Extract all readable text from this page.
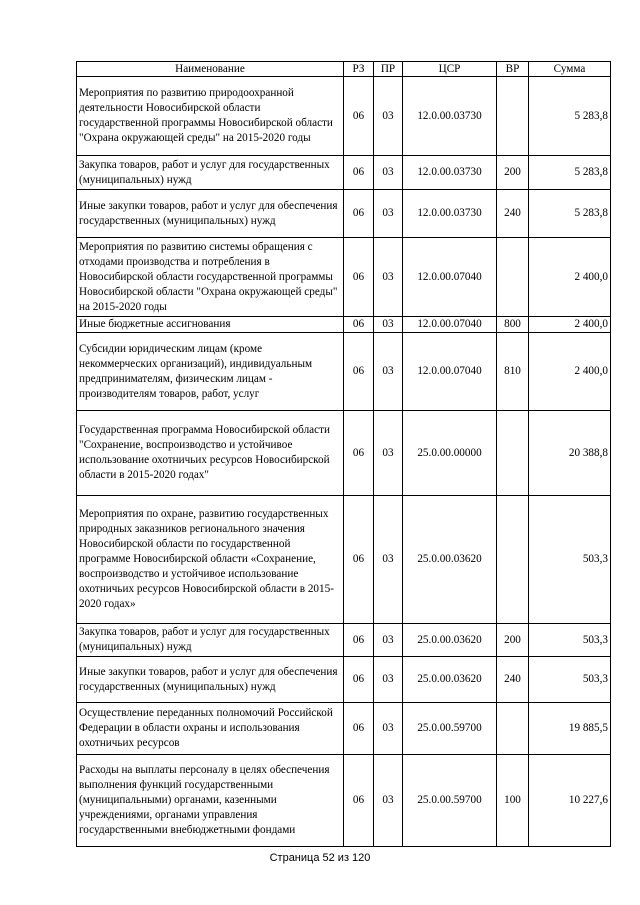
Наименование	РЗ	ПР	ЦСР	ВР	Сумма
Мероприятия по развитию природоохранной деятельности Новосибирской области государственной программы Новосибирской области "Охрана окружающей среды" на 2015-2020 годы	06	03	12.0.00.03730		5 283,8
Закупка товаров, работ и услуг для государственных (муниципальных) нужд	06	03	12.0.00.03730	200	5 283,8
Иные закупки товаров, работ и услуг для обеспечения государственных (муниципальных) нужд	06	03	12.0.00.03730	240	5 283,8
Мероприятия по развитию системы обращения с отходами производства и потребления в Новосибирской области государственной программы Новосибирской области "Охрана окружающей среды" на 2015-2020 годы	06	03	12.0.00.07040		2 400,0
Иные бюджетные ассигнования	06	03	12.0.00.07040	800	2 400,0
Субсидии юридическим лицам (кроме некоммерческих организаций), индивидуальным предпринимателям, физическим лицам - производителям товаров, работ, услуг	06	03	12.0.00.07040	810	2 400,0
Государственная программа Новосибирской области "Сохранение, воспроизводство и устойчивое использование охотничьих ресурсов Новосибирской области в 2015-2020 годах"	06	03	25.0.00.00000		20 388,8
Мероприятия по охране, развитию государственных природных заказников регионального значения Новосибирской области по государственной программе Новосибирской области «Сохранение, воспроизводство и устойчивое использование охотничьих ресурсов Новосибирской области в 2015-2020 годах»	06	03	25.0.00.03620		503,3
Закупка товаров, работ и услуг для государственных (муниципальных) нужд	06	03	25.0.00.03620	200	503,3
Иные закупки товаров, работ и услуг для обеспечения государственных (муниципальных) нужд	06	03	25.0.00.03620	240	503,3
Осуществление переданных полномочий Российской Федерации в области охраны и использования охотничьих ресурсов	06	03	25.0.00.59700		19 885,5
Расходы на выплаты персоналу в целях обеспечения выполнения функций государственными (муниципальными) органами, казенными учреждениями, органами управления государственными внебюджетными фондами	06	03	25.0.00.59700	100	10 227,6
Страница 52 из 120
